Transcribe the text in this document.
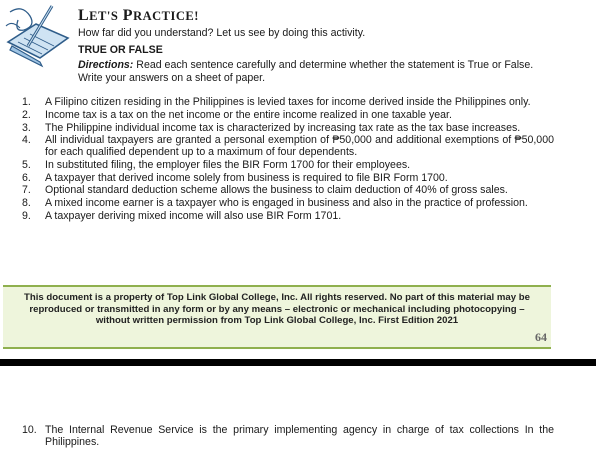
LET'S PRACTICE!

How far did you understand? Let us see by doing this activity.

TRUE OR FALSE

Directions: Read each sentence carefully and determine whether the statement is True or False. Write your answers on a sheet of paper.

1. A Filipino citizen residing in the Philippines is levied taxes for income derived inside the Philippines only.
2. Income tax is a tax on the net income or the entire income realized in one taxable year.
3. The Philippine individual income tax is characterized by increasing tax rate as the tax base increases.
4. All individual taxpayers are granted a personal exemption of ₱50,000 and additional exemptions of ₱50,000 for each qualified dependent up to a maximum of four dependents.
5. In substituted filing, the employer files the BIR Form 1700 for their employees.
6. A taxpayer that derived income solely from business is required to file BIR Form 1700.
7. Optional standard deduction scheme allows the business to claim deduction of 40% of gross sales.
8. A mixed income earner is a taxpayer who is engaged in business and also in the practice of profession.
9. A taxpayer deriving mixed income will also use BIR Form 1701.

This document is a property of Top Link Global College, Inc. All rights reserved. No part of this material may be reproduced or transmitted in any form or by any means – electronic or mechanical including photocopying – without written permission from Top Link Global College, Inc. First Edition 2021

64
10. The Internal Revenue Service is the primary implementing agency in charge of tax collections In the Philippines.
